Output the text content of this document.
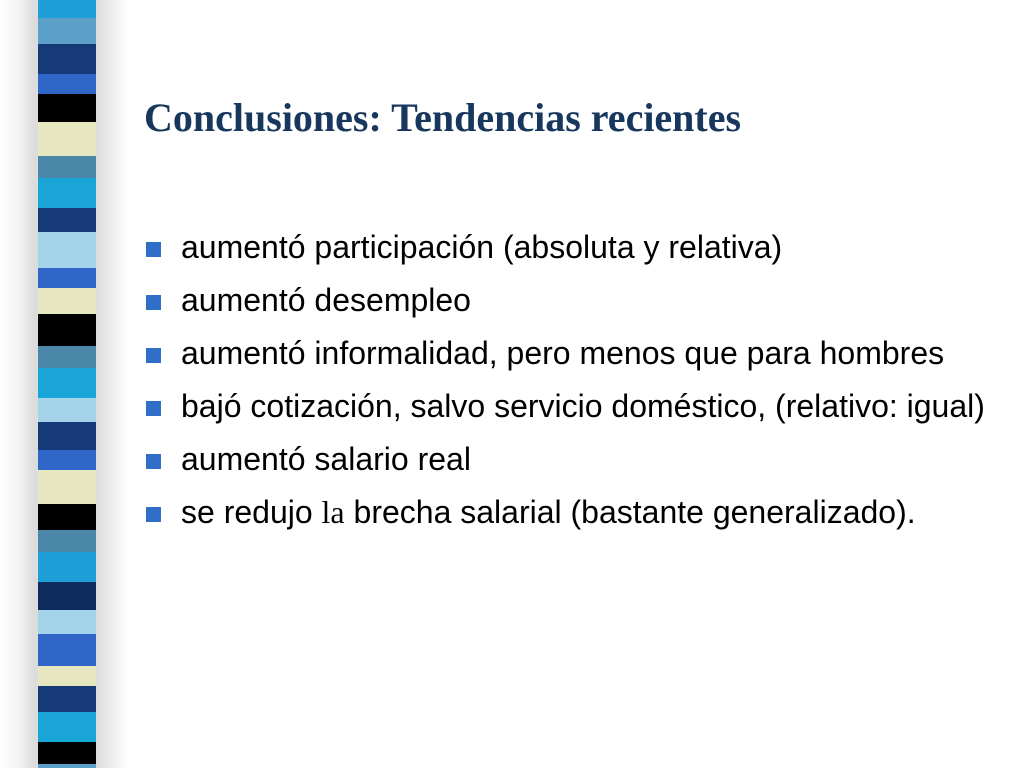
Conclusiones: Tendencias recientes
aumentó participación (absoluta y relativa)
aumentó desempleo
aumentó informalidad, pero menos que para hombres
bajó cotización, salvo servicio doméstico, (relativo: igual)
aumentó salario real
se redujo la brecha salarial (bastante generalizado).
